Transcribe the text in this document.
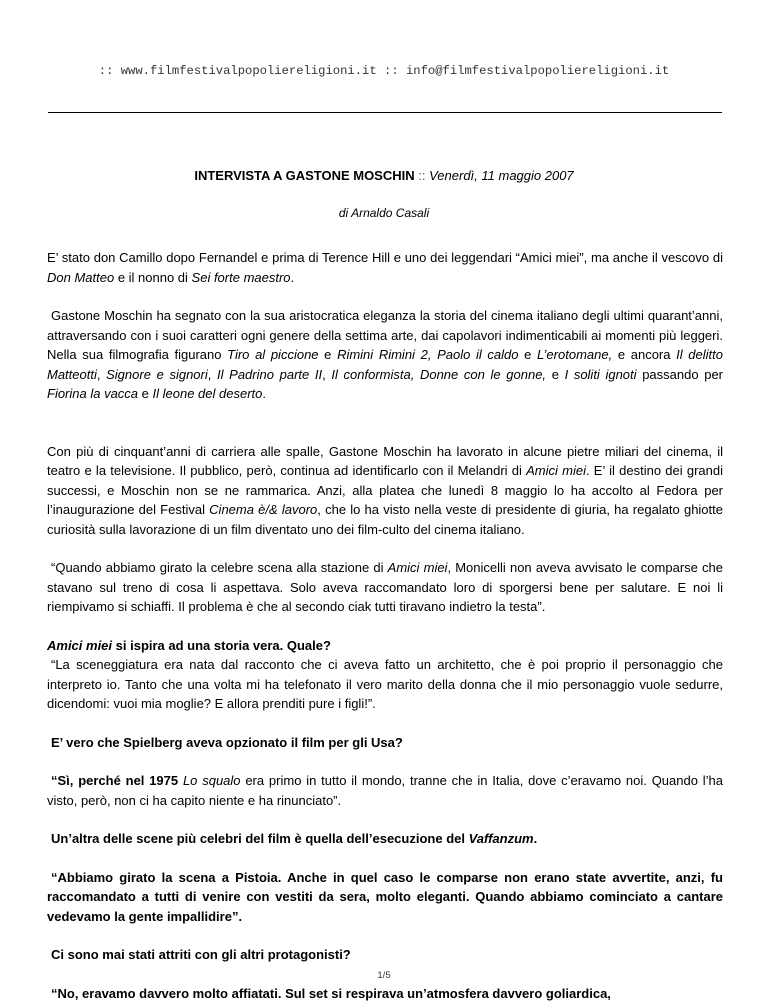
:: www.filmfestivalpopoliereligioni.it :: info@filmfestivalpopoliereligioni.it
INTERVISTA A GASTONE MOSCHIN :: Venerdì, 11 maggio 2007
di Arnaldo Casali

E’ stato don Camillo dopo Fernandel e prima di Terence Hill e uno dei leggendari “Amici miei”, ma anche il vescovo di Don Matteo e il nonno di Sei forte maestro.

Gastone Moschin ha segnato con la sua aristocratica eleganza la storia del cinema italiano degli ultimi quarant’anni, attraversando con i suoi caratteri ogni genere della settima arte, dai capolavori indimenticabili ai momenti più leggeri. Nella sua filmografia figurano Tiro al piccione e Rimini Rimini 2, Paolo il caldo e L’erotomane, e ancora Il delitto Matteotti, Signore e signori, Il Padrino parte II, Il conformista, Donne con le gonne, e I soliti ignoti passando per Fiorina la vacca e Il leone del deserto.

Con più di cinquant’anni di carriera alle spalle, Gastone Moschin ha lavorato in alcune pietre miliari del cinema, il teatro e la televisione. Il pubblico, però, continua ad identificarlo con il Melandri di Amici miei. E’ il destino dei grandi successi, e Moschin non se ne rammarica. Anzi, alla platea che lunedì 8 maggio lo ha accolto al Fedora per l’inaugurazione del Festival Cinema è/& lavoro, che lo ha visto nella veste di presidente di giuria, ha regalato ghiotte curiosità sulla lavorazione di un film diventato uno dei film-culto del cinema italiano.

“Quando abbiamo girato la celebre scena alla stazione di Amici miei, Monicelli non aveva avvisato le comparse che stavano sul treno di cosa li aspettava. Solo aveva raccomandato loro di sporgersi bene per salutare. E noi li riempivamo si schiaffi. Il problema è che al secondo ciak tutti tiravano indietro la testa”.

Amici miei si ispira ad una storia vera. Quale?

“La sceneggiatura era nata dal racconto che ci aveva fatto un architetto, che è poi proprio il personaggio che interpreto io. Tanto che una volta mi ha telefonato il vero marito della donna che il mio personaggio vuole sedurre, dicendomi: vuoi mia moglie? E allora prenditi pure i figli!”.

E’ vero che Spielberg aveva opzionato il film per gli Usa?

“Sì, perché nel 1975 Lo squalo era primo in tutto il mondo, tranne che in Italia, dove c’eravamo noi. Quando l’ha visto, però, non ci ha capito niente e ha rinunciato”.

Un’altra delle scene più celebri del film è quella dell’esecuzione del Vaffanzum.

“Abbiamo girato la scena a Pistoia. Anche in quel caso le comparse non erano state avvertite, anzi, fu raccomandato a tutti di venire con vestiti da sera, molto eleganti. Quando abbiamo cominciato a cantare vedevamo la gente impallidire”.

Ci sono mai stati attriti con gli altri protagonisti?

“No, eravamo davvero molto affiatati. Sul set si respirava un’atmosfera davvero goliardica,

1/5
